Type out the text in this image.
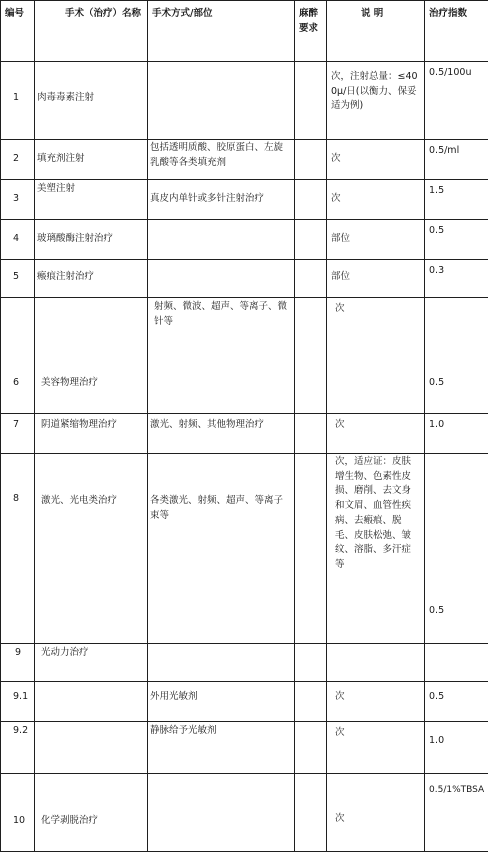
编号	手术（治疗）名称	手术方式/部位	麻醉要求	说 明	治疗指数

1	肉毒毒素注射			次，注射总量：≤400μ/日(以衡力、保妥适为例)	0.5/100u

2	填充剂注射	包括透明质酸、胶原蛋白、左旋乳酸等各类填充剂		次	0.5/ml

3	美塑注射	真皮内单针或多针注射治疗		次	1.5

4	玻璃酸酶注射治疗			部位	0.5

5	瘢痕注射治疗			部位	0.3

6	美容物理治疗	射频、微波、超声、等离子、微针等		次	0.5

7	阴道紧缩物理治疗	激光、射频、其他物理治疗		次	1.0

8	激光、光电类治疗	各类激光、射频、超声、等离子束等		次，适应证：皮肤增生物、色素性皮损、磨削、去文身和文眉、血管性疾病、去瘢痕、脱毛、皮肤松弛、皱纹、溶脂、多汗症等	0.5

9	光动力治疗				

9.1		外用光敏剂		次	0.5

9.2		静脉给予光敏剂		次	1.0

10	化学剥脱治疗			次	0.5/1%TBSA
